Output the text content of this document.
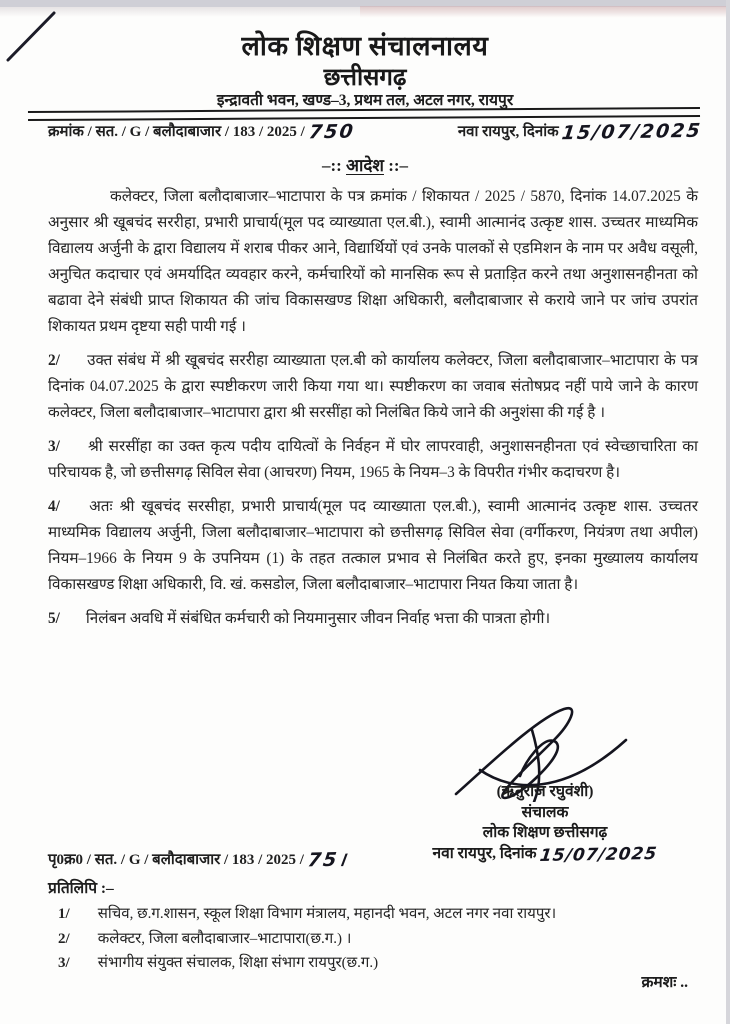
लोक शिक्षण संचालनालय
छत्तीसगढ़
इन्द्रावती भवन, खण्ड–3, प्रथम तल, अटल नगर, रायपुर
क्रमांक / सत. / G / बलौदाबाजार / 183 / 2025 / 750	नवा रायपुर, दिनांक 15/07/2025
–:: आदेश ::–

कलेक्टर, जिला बलौदाबाजार–भाटापारा के पत्र क्रमांक / शिकायत / 2025 / 5870, दिनांक 14.07.2025 के अनुसार श्री खूबचंद सररीहा, प्रभारी प्राचार्य(मूल पद व्याख्याता एल.बी.), स्वामी आत्मानंद उत्कृष्ट शास. उच्चतर माध्यमिक विद्यालय अर्जुनी के द्वारा विद्यालय में शराब पीकर आने, विद्यार्थियों एवं उनके पालकों से एडमिशन के नाम पर अवैध वसूली, अनुचित कदाचार एवं अमर्यादित व्यवहार करने, कर्मचारियों को मानसिक रूप से प्रताड़ित करने तथा अनुशासनहीनता को बढावा देने संबंधी प्राप्त शिकायत की जांच विकासखण्ड शिक्षा अधिकारी, बलौदाबाजार से कराये जाने पर जांच उपरांत शिकायत प्रथम दृष्टया सही पायी गई ।

2/ उक्त संबंध में श्री खूबचंद सररीहा व्याख्याता एल.बी को कार्यालय कलेक्टर, जिला बलौदाबाजार–भाटापारा के पत्र दिनांक 04.07.2025 के द्वारा स्पष्टीकरण जारी किया गया था। स्पष्टीकरण का जवाब संतोषप्रद नहीं पाये जाने के कारण कलेक्टर, जिला बलौदाबाजार–भाटापारा द्वारा श्री सरसींहा को निलंबित किये जाने की अनुशंसा की गई है ।

3/ श्री सरसींहा का उक्त कृत्य पदीय दायित्वों के निर्वहन में घोर लापरवाही, अनुशासनहीनता एवं स्वेच्छाचारिता का परिचायक है, जो छत्तीसगढ़ सिविल सेवा (आचरण) नियम, 1965 के नियम–3 के विपरीत गंभीर कदाचरण है।

4/ अतः श्री खूबचंद सरसीहा, प्रभारी प्राचार्य(मूल पद व्याख्याता एल.बी.), स्वामी आत्मानंद उत्कृष्ट शास. उच्चतर माध्यमिक विद्यालय अर्जुनी, जिला बलौदाबाजार–भाटापारा को छत्तीसगढ़ सिविल सेवा (वर्गीकरण, नियंत्रण तथा अपील) नियम–1966 के नियम 9 के उपनियम (1) के तहत तत्काल प्रभाव से निलंबित करते हुए, इनका मुख्यालय कार्यालय विकासखण्ड शिक्षा अधिकारी, वि. खं. कसडोल, जिला बलौदाबाजार–भाटापारा नियत किया जाता है।

5/ निलंबन अवधि में संबंधित कर्मचारी को नियमानुसार जीवन निर्वाह भत्ता की पात्रता होगी।

(ऋतुराज रघुवंशी)
संचालक
लोक शिक्षण छत्तीसगढ़
नवा रायपुर, दिनांक 15/07/2025
पृ0क्र0 / सत. / G / बलौदाबाजार / 183 / 2025 / 75।
प्रतिलिपि :–
1/ सचिव, छ.ग.शासन, स्कूल शिक्षा विभाग मंत्रालय, महानदी भवन, अटल नगर नवा रायपुर।
2/ कलेक्टर, जिला बलौदाबाजार–भाटापारा(छ.ग.) ।
3/ संभागीय संयुक्त संचालक, शिक्षा संभाग रायपुर(छ.ग.)
क्रमशः ..
